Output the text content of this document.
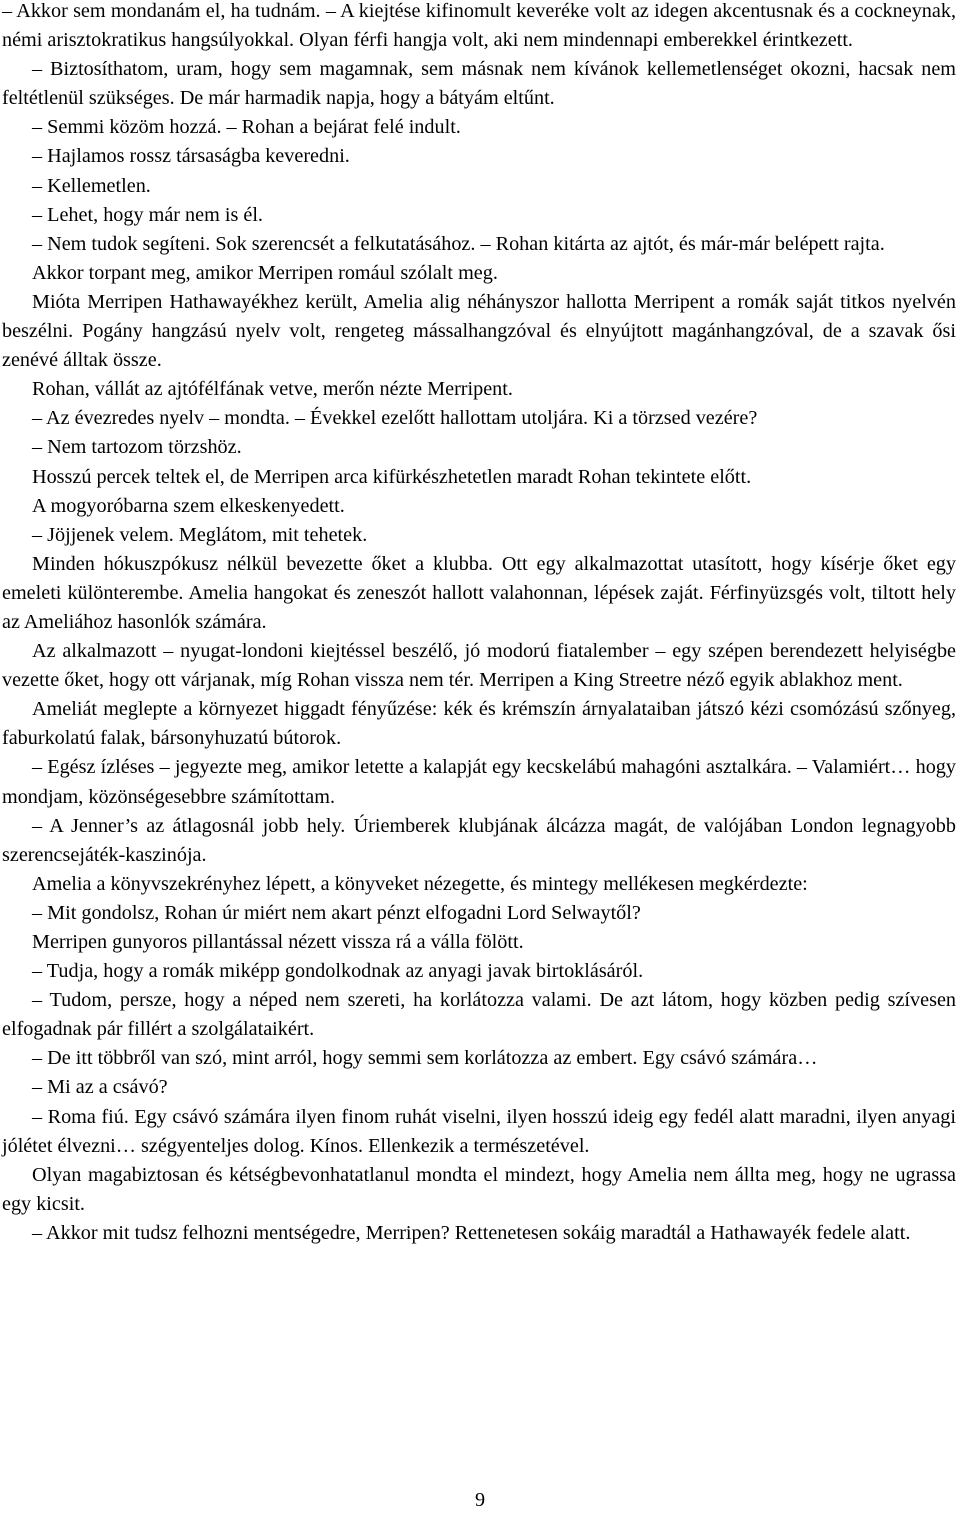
– Akkor sem mondanám el, ha tudnám. – A kiejtése kifinomult keveréke volt az idegen akcentusnak és a cockneynak, némi arisztokratikus hangsúlyokkal. Olyan férfi hangja volt, aki nem mindennapi emberekkel érintkezett.

– Biztosíthatom, uram, hogy sem magamnak, sem másnak nem kívánok kellemetlenséget okozni, hacsak nem feltétlenül szükséges. De már harmadik napja, hogy a bátyám eltűnt.

– Semmi közöm hozzá. – Rohan a bejárat felé indult.

– Hajlamos rossz társaságba keveredni.

– Kellemetlen.

– Lehet, hogy már nem is él.

– Nem tudok segíteni. Sok szerencsét a felkutatásához. – Rohan kitárta az ajtót, és már-már belépett rajta.

Akkor torpant meg, amikor Merripen romául szólalt meg.

Mióta Merripen Hathawayékhez került, Amelia alig néhányszor hallotta Merripent a romák saját titkos nyelvén beszélni. Pogány hangzású nyelv volt, rengeteg mássalhangzóval és elnyújtott magánhangzóval, de a szavak ősi zenévé álltak össze.

Rohan, vállát az ajtófélfának vetve, merőn nézte Merripent.

– Az évezredes nyelv – mondta. – Évekkel ezelőtt hallottam utoljára. Ki a törzsed vezére?

– Nem tartozom törzshöz.

Hosszú percek teltek el, de Merripen arca kifürkészhetetlen maradt Rohan tekintete előtt.

A mogyoróbarna szem elkeskenyedett.

– Jöjjenek velem. Meglátom, mit tehetek.

Minden hókuszpókusz nélkül bevezette őket a klubba. Ott egy alkalmazottat utasított, hogy kísérje őket egy emeleti különterembe. Amelia hangokat és zeneszót hallott valahonnan, lépések zaját. Férfinyüzsgés volt, tiltott hely az Ameliához hasonlók számára.

Az alkalmazott – nyugat-londoni kiejtéssel beszélő, jó modorú fiatalember – egy szépen berendezett helyiségbe vezette őket, hogy ott várjanak, míg Rohan vissza nem tér. Merripen a King Streetre néző egyik ablakhoz ment.

Ameliát meglepte a környezet higgadt fényűzése: kék és krémszín árnyalataiban játszó kézi csomózású szőnyeg, faburkolatú falak, bársonyhuzatú bútorok.

– Egész ízléses – jegyezte meg, amikor letette a kalapját egy kecskelábú mahagóni asztalkára. – Valamiért… hogy mondjam, közönségesebbre számítottam.

– A Jenner’s az átlagosnál jobb hely. Úriemberek klubjának álcázza magát, de valójában London legnagyobb szerencsejáték-kaszinója.

Amelia a könyvszekrényhez lépett, a könyveket nézegette, és mintegy mellékesen megkérdezte:

– Mit gondolsz, Rohan úr miért nem akart pénzt elfogadni Lord Selwaytől?

Merripen gunyoros pillantással nézett vissza rá a válla fölött.

– Tudja, hogy a romák miképp gondolkodnak az anyagi javak birtoklásáról.

– Tudom, persze, hogy a néped nem szereti, ha korlátozza valami. De azt látom, hogy közben pedig szívesen elfogadnak pár fillért a szolgálataikért.

– De itt többről van szó, mint arról, hogy semmi sem korlátozza az embert. Egy csávó számára…

– Mi az a csávó?

– Roma fiú. Egy csávó számára ilyen finom ruhát viselni, ilyen hosszú ideig egy fedél alatt maradni, ilyen anyagi jólétet élvezni… szégyenteljes dolog. Kínos. Ellenkezik a természetével.

Olyan magabiztosan és kétségbevonhatatlanul mondta el mindezt, hogy Amelia nem állta meg, hogy ne ugrassa egy kicsit.

– Akkor mit tudsz felhozni mentségedre, Merripen? Rettenetesen sokáig maradtál a Hathawayék fedele alatt.

9
